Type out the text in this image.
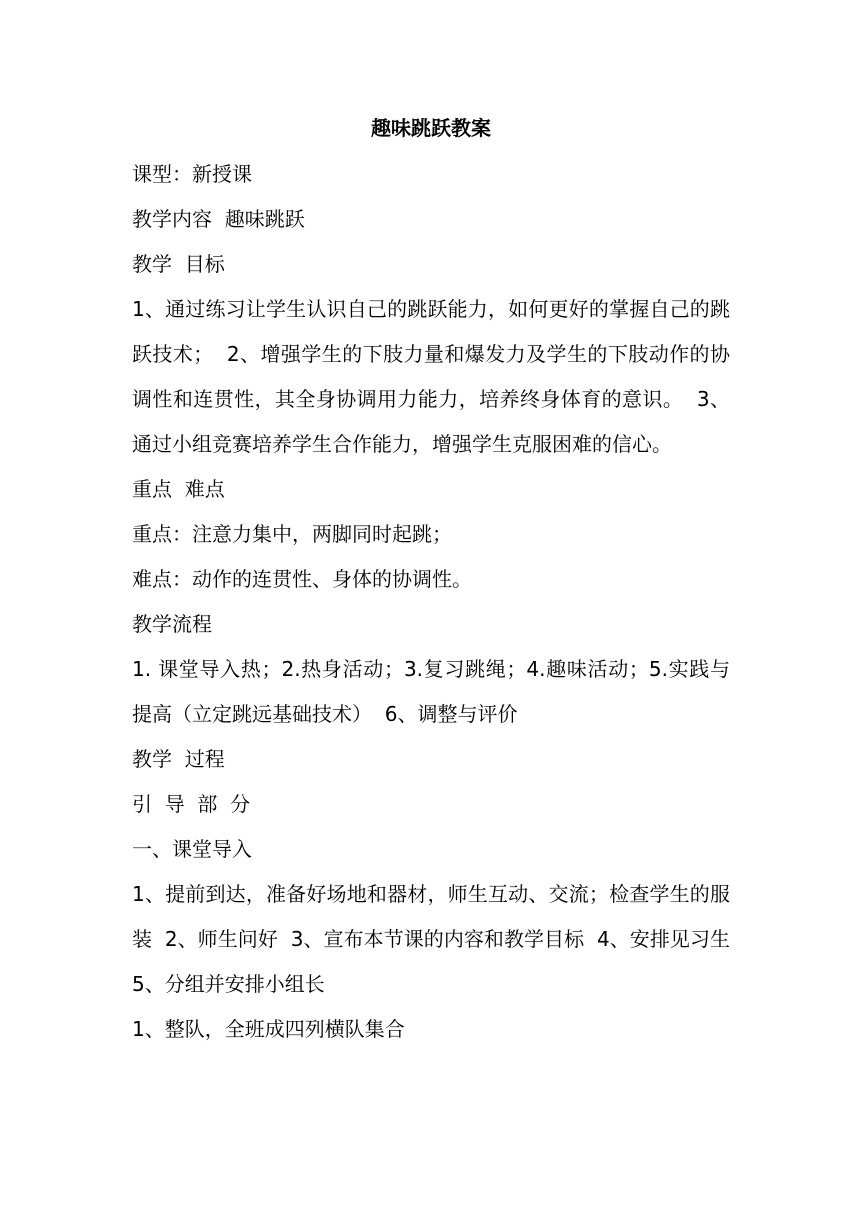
趣味跳跃教案

课型：新授课

教学内容  趣味跳跃

教学  目标

1、通过练习让学生认识自己的跳跃能力，如何更好的掌握自己的跳跃技术；  2、增强学生的下肢力量和爆发力及学生的下肢动作的协调性和连贯性，其全身协调用力能力，培养终身体育的意识。  3、通过小组竞赛培养学生合作能力，增强学生克服困难的信心。

重点  难点

重点：注意力集中，两脚同时起跳；

难点：动作的连贯性、身体的协调性。

教学流程

1. 课堂导入热；2.热身活动；3.复习跳绳；4.趣味活动；5.实践与提高（立定跳远基础技术）  6、调整与评价

教学  过程

引  导  部  分

一、课堂导入

1、提前到达，准备好场地和器材，师生互动、交流；检查学生的服装  2、师生问好  3、宣布本节课的内容和教学目标  4、安排见习生  5、分组并安排小组长

1、整队，全班成四列横队集合
